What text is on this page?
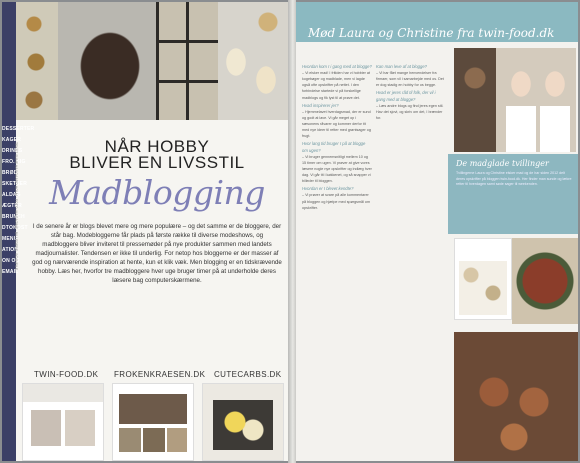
DESSERTER
KAGER
DRINKS
FRO. SIG
BRØD
SKETSER
ALDAG
ÆGTER
BRUNCH
DTOKOST
MENU
ATION
ON OG
EMAIL
TEKST SUNE HAUGAARD HOLM · FOTO: MAGAZINE · BILLEDERE: SCANFILE	NÅR HOBBY
BLIVER EN LIVSSTIL
Madblogging
I de senere år er blogs blevet mere og mere populære – og det samme er de bloggere, der står bag. Modebloggerne får plads på første række til diverse modeshows, og madbloggere bliver inviteret til pressemøder på nye produkter sammen med landets madjournalister. Tendensen er ikke til underlig. For netop hos bloggerne er der masser af god og nærværende inspiration at hente, kun et klik væk. Men blogging er en tidskrævende hobby. Læs her, hvorfor tre madbloggere hver uge bruger timer på at underholde deres læsere bag computerskærmene.
TWIN-FOOD.DK FROKENKRAESEN.DK CUTECARBS.DK
Mød Laura og Christine fra twin-food.dk
Hvordan kom I i gang med at blogge?
– Vi elsker mad! I fritiden har vi hobbier at kogebøger og madblade, men vi lagde også ofte opskrifter på nettet. I den forbindelse startede vi på forskellige madblogs og fik lyst til at prøve det.
Hvad inspirerer jer?
– Hjemmelavet hverdagsmad, der er sund og godt at lave. Vi går meget op i sæsonens råvarer og kommer derfor tit med nye ideer til retter med grøntsager og frugt.
Hvor lang tid bruger I på at blogge om ugen?
– Vi bruger gennemsnitligt mellem 10 og 15 timer om ugen. Vi prøver at give vores læsere nogle nye opskrifter og indlæg hver dag. Vi går tit i køkkenet, og så snapper vi billeder til bloggen.
Hvordan er I blevet kendte?
– Vi prøver at svare på alle kommentarer på bloggen og hjælpe med spørgsmål om opskrifter.
Kan man leve af at blogge?
– Vi har fået mange henvendelser fra firmaer, som vil i samarbejde med os. Det er dog stadig en hobby for os begge.
Hvad er jeres råd til folk, der vil i gang med at blogge?
– Læs andre blogs og find jeres egen stil. Hav det sjovt, og skriv om det, I brænder for.
De madglade tvillinger
Tvillingerne Laura og Christine elsker mad og de har siden 2012 delt deres opskrifter på bloggen twin-food.dk. Her finder man sunde og lækre retter til hverdagen samt søde sager til weekenden.
